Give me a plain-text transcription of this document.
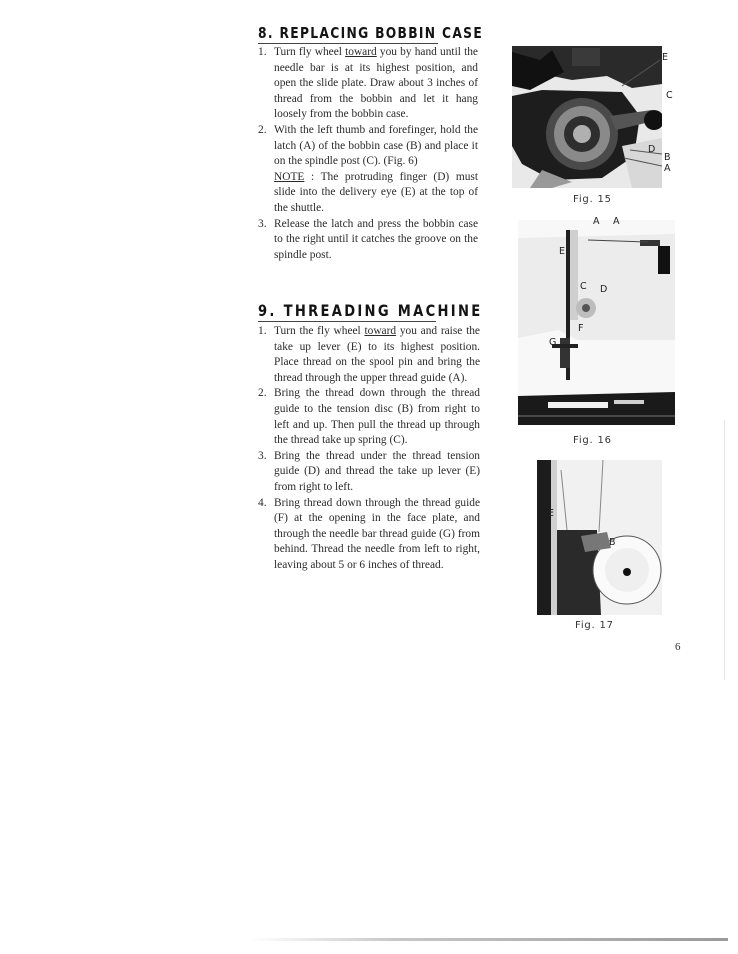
8. REPLACING BOBBIN CASE
1. Turn fly wheel toward you by hand until the needle bar is at its highest position, and open the slide plate. Draw about 3 inches of thread from the bobbin and let it hang loosely from the bobbin case.
2. With the left thumb and forefinger, hold the latch (A) of the bobbin case (B) and place it on the spindle post (C). (Fig. 6)
NOTE : The protruding finger (D) must slide into the delivery eye (E) at the top of the shuttle.
3. Release the latch and press the bobbin case to the right until it catches the groove on the spindle post.
9. THREADING MACHINE
1. Turn the fly wheel toward you and raise the take up lever (E) to its highest position. Place thread on the spool pin and bring the thread through the upper thread guide (A).
2. Bring the thread down through the thread guide to the tension disc (B) from right to left and up. Then pull the thread up through the thread take up spring (C).
3. Bring the thread under the thread tension guide (D) and thread the take up lever (E) from right to left.
4. Bring thread down through the thread guide (F) at the opening in the face plate, and through the needle bar thread guide (G) from behind. Thread the needle from left to right, leaving about 5 or 6 inches of thread.
E
C
D
B
A
Fig. 15
A A
E
C D
F
G
Fig. 16
E
B
Fig. 17
6
